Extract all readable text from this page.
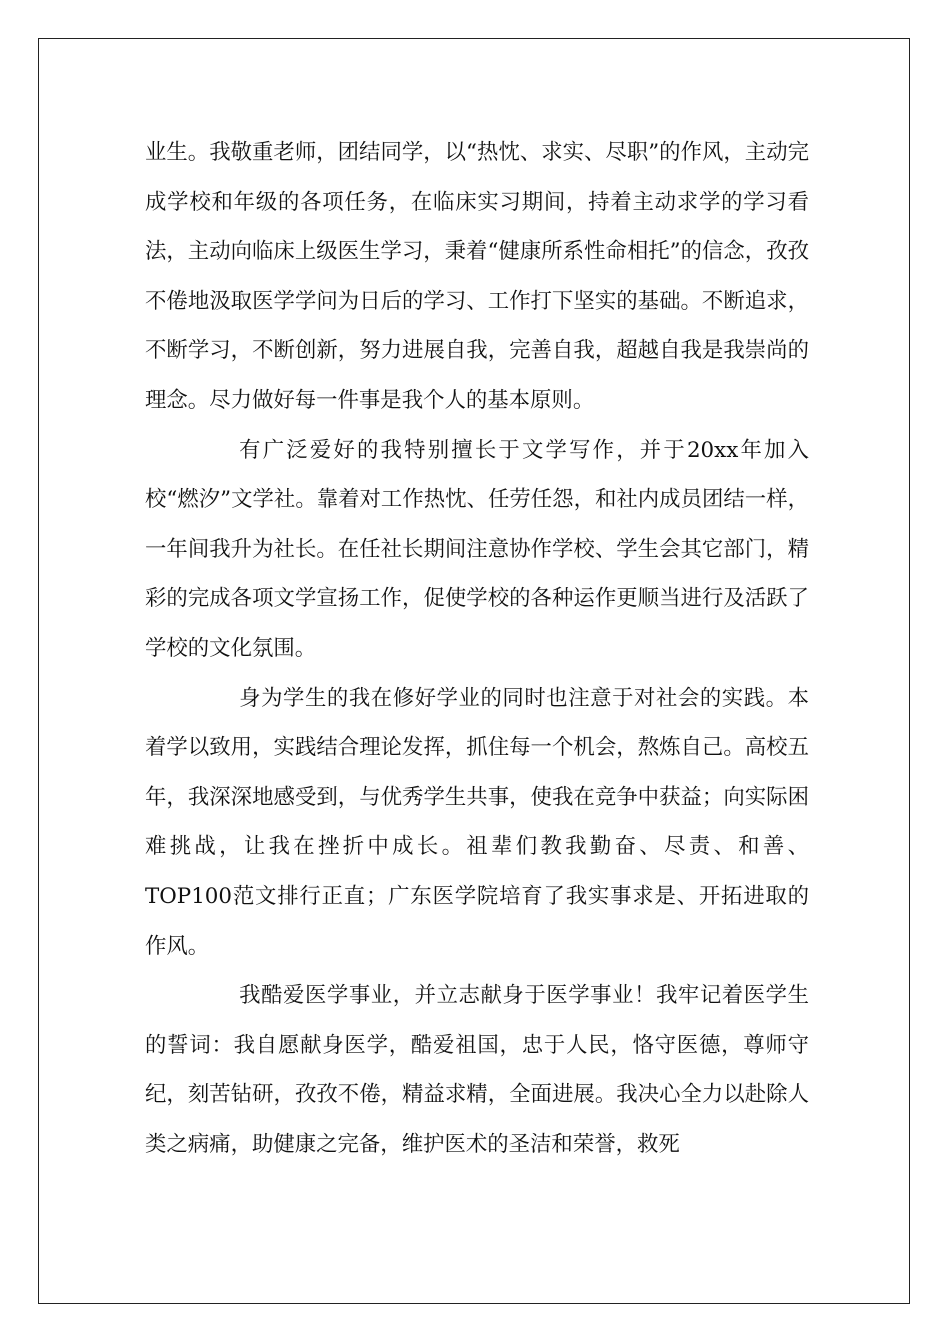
业生。我敬重老师，团结同学，以“热忱、求实、尽职”的作风，主动完成学校和年级的各项任务，在临床实习期间，持着主动求学的学习看法，主动向临床上级医生学习，秉着“健康所系性命相托”的信念，孜孜不倦地汲取医学学问为日后的学习、工作打下坚实的基础。不断追求，不断学习，不断创新，努力进展自我，完善自我，超越自我是我崇尚的理念。尽力做好每一件事是我个人的基本原则。

有广泛爱好的我特别擅长于文学写作，并于20xx年加入校“燃汐”文学社。靠着对工作热忱、任劳任怨，和社内成员团结一样，一年间我升为社长。在任社长期间注意协作学校、学生会其它部门，精彩的完成各项文学宣扬工作，促使学校的各种运作更顺当进行及活跃了学校的文化氛围。

身为学生的我在修好学业的同时也注意于对社会的实践。本着学以致用，实践结合理论发挥，抓住每一个机会，熬炼自己。高校五年，我深深地感受到，与优秀学生共事，使我在竞争中获益；向实际困难挑战，让我在挫折中成长。祖辈们教我勤奋、尽责、和善、TOP100范文排行正直；广东医学院培育了我实事求是、开拓进取的作风。

我酷爱医学事业，并立志献身于医学事业！我牢记着医学生的誓词：我自愿献身医学，酷爱祖国，忠于人民，恪守医德，尊师守纪，刻苦钻研，孜孜不倦，精益求精，全面进展。我决心全力以赴除人类之病痛，助健康之完备，维护医术的圣洁和荣誉，救死
